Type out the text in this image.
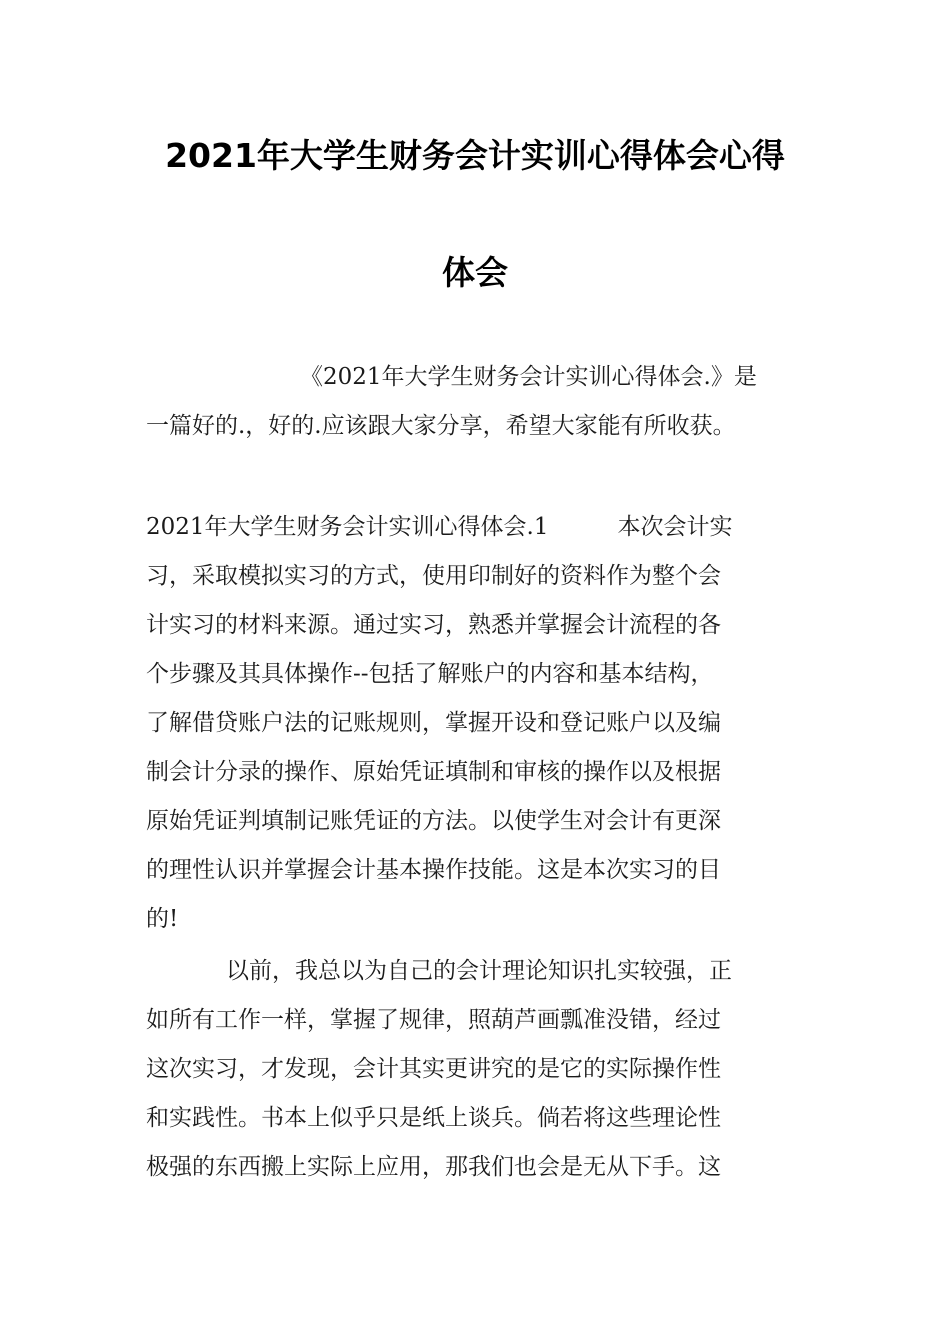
2021年大学生财务会计实训心得体会心得
体会
《2021年大学生财务会计实训心得体会.》是
一篇好的.，好的.应该跟大家分享，希望大家能有所收获。
2021年大学生财务会计实训心得体会.1　　　本次会计实
习，采取模拟实习的方式，使用印制好的资料作为整个会
计实习的材料来源。通过实习，熟悉并掌握会计流程的各
个步骤及其具体操作--包括了解账户的内容和基本结构，
了解借贷账户法的记账规则，掌握开设和登记账户以及编
制会计分录的操作、原始凭证填制和审核的操作以及根据
原始凭证判填制记账凭证的方法。以使学生对会计有更深
的理性认识并掌握会计基本操作技能。这是本次实习的目
的!
以前，我总以为自己的会计理论知识扎实较强，正
如所有工作一样，掌握了规律，照葫芦画瓢准没错，经过
这次实习，才发现，会计其实更讲究的是它的实际操作性
和实践性。书本上似乎只是纸上谈兵。倘若将这些理论性
极强的东西搬上实际上应用，那我们也会是无从下手。这
